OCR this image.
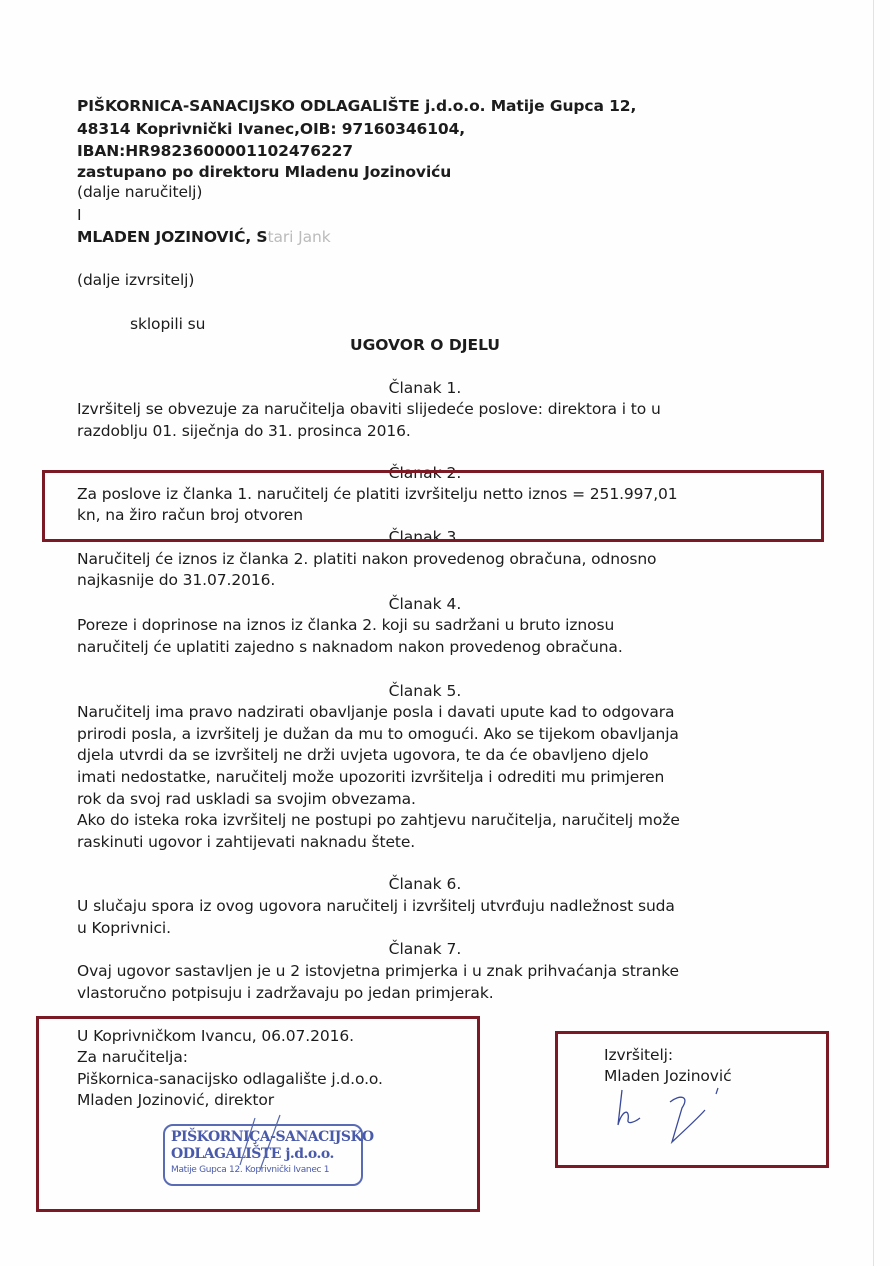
PIŠKORNICA-SANACIJSKO ODLAGALIŠTE j.d.o.o. Matije Gupca 12,
48314 Koprivnički Ivanec,OIB: 97160346104,
IBAN:HR9823600001102476227
zastupano po direktoru Mladenu Jozinoviću
(dalje naručitelj)
I
MLADEN JOZINOVIĆ, Stari Jank
(dalje izvrsitelj)
sklopili su
UGOVOR O DJELU
Članak 1.
Izvršitelj se obvezuje za naručitelja obaviti slijedeće poslove: direktora i to u
razdoblju 01. siječnja do 31. prosinca 2016.
Članak 2.
Za poslove iz članka 1. naručitelj će platiti izvršitelju netto iznos = 251.997,01
kn, na žiro račun broj otvoren
Članak 3.
Naručitelj će iznos iz članka 2. platiti nakon provedenog obračuna, odnosno
najkasnije do 31.07.2016.
Članak 4.
Poreze i doprinose na iznos iz članka 2. koji su sadržani u bruto iznosu
naručitelj će uplatiti zajedno s naknadom nakon provedenog obračuna.
Članak 5.
Naručitelj ima pravo nadzirati obavljanje posla i davati upute kad to odgovara
prirodi posla, a izvršitelj je dužan da mu to omogući. Ako se tijekom obavljanja
djela utvrdi da se izvršitelj ne drži uvjeta ugovora, te da će obavljeno djelo
imati nedostatke, naručitelj može upozoriti izvršitelja i odrediti mu primjeren
rok da svoj rad uskladi sa svojim obvezama.
Ako do isteka roka izvršitelj ne postupi po zahtjevu naručitelja, naručitelj može
raskinuti ugovor i zahtijevati naknadu štete.
Članak 6.
U slučaju spora iz ovog ugovora naručitelj i izvršitelj utvrđuju nadležnost suda
u Koprivnici.
Članak 7.
Ovaj ugovor sastavljen je u 2 istovjetna primjerka i u znak prihvaćanja stranke
vlastoručno potpisuju i zadržavaju po jedan primjerak.
U Koprivničkom Ivancu, 06.07.2016.
Za naručitelja:
Piškornica-sanacijsko odlagalište j.d.o.o.
Mladen Jozinović, direktor
PIŠKORNIÇA-SANACIJSKO
ODLAGALIŠTE j.d.o.o.
Matije Gupca 12. Koprivnički Ivanec 1
Izvršitelj:
Mladen Jozinović
